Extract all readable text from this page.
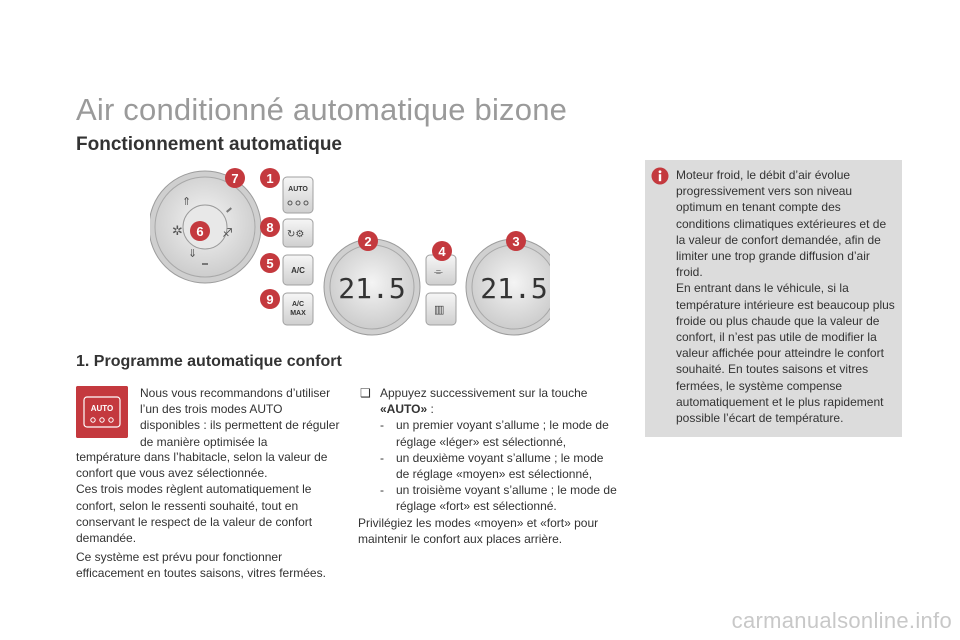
Air conditionné automatique bizone
Fonctionnement automatique
✲
⇑
⇓
♐
7
6
AUTO
1
↻⚙
8
A/C
5
A/C
MAX
9 21.5
2
⌯
▥
4
21.5
3
1. Programme automatique confort
AUTO

Nous vous recommandons d’utiliser l’un des trois modes AUTO disponibles : ils permettent de réguler de manière optimisée la

température dans l’habitacle, selon la valeur de confort que vous avez sélectionnée.

Ces trois modes règlent automatiquement le confort, selon le ressenti souhaité, tout en conservant le respect de la valeur de confort demandée.

Ce système est prévu pour fonctionner efficacement en toutes saisons, vitres fermées.

❑ Appuyez successivement sur la touche
«AUTO» :
- un premier voyant s’allume ; le mode de réglage «léger» est sélectionné,
- un deuxième voyant s’allume ; le mode de réglage «moyen» est sélectionné,
- un troisième voyant s’allume ; le mode de réglage «fort» est sélectionné.

Privilégiez les modes «moyen» et «fort» pour maintenir le confort aux places arrière.

Moteur froid, le débit d’air évolue progressivement vers son niveau optimum en tenant compte des conditions climatiques extérieures et de la valeur de confort demandée, afin de limiter une trop grande diffusion d’air froid.

En entrant dans le véhicule, si la température intérieure est beaucoup plus froide ou plus chaude que la valeur de confort, il n’est pas utile de modifier la valeur affichée pour atteindre le confort souhaité. En toutes saisons et vitres fermées, le système compense automatiquement et le plus rapidement possible l’écart de température.

carmanualsonline.info
